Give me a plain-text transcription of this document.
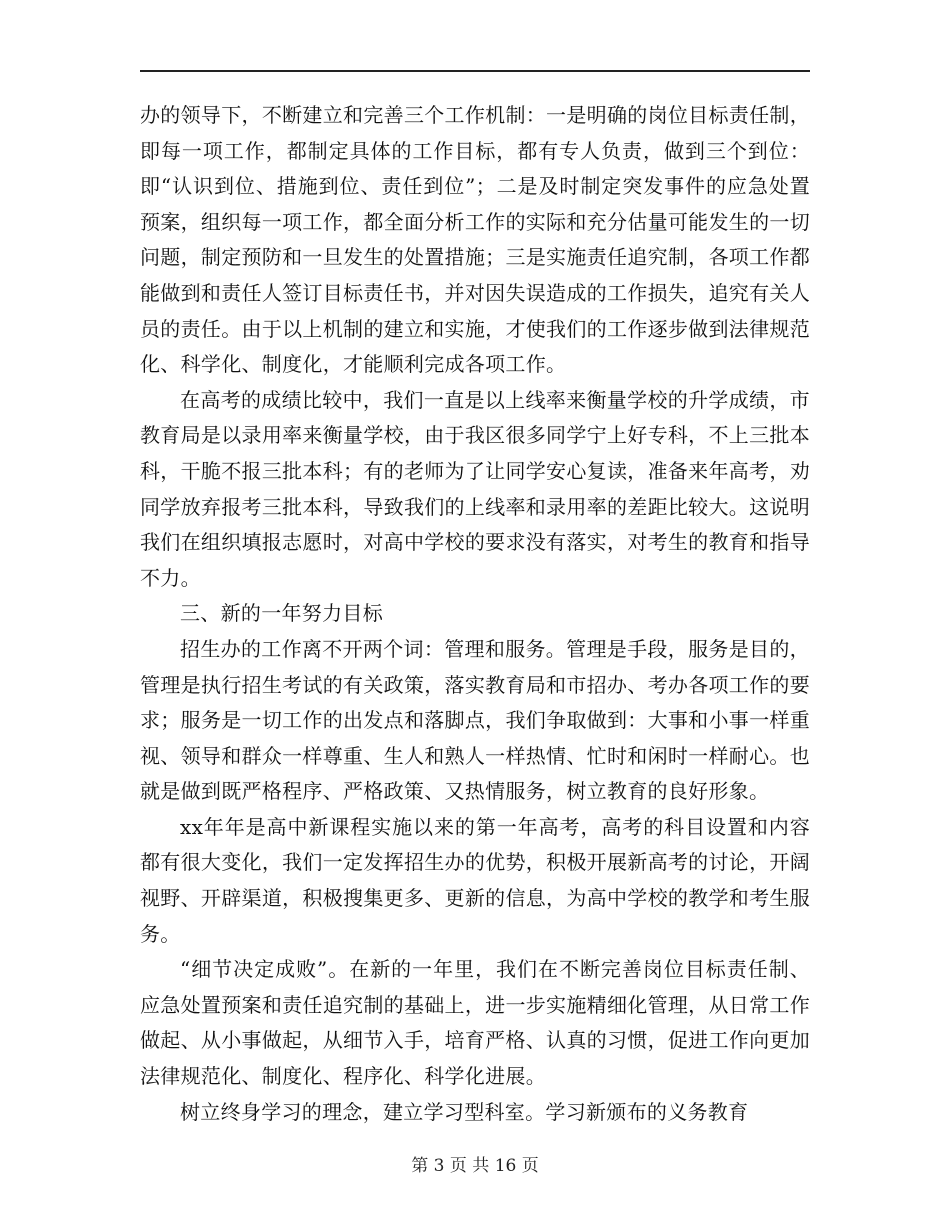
办的领导下，不断建立和完善三个工作机制：一是明确的岗位目标责任制，即每一项工作，都制定具体的工作目标，都有专人负责，做到三个到位：即“认识到位、措施到位、责任到位”；二是及时制定突发事件的应急处置预案，组织每一项工作，都全面分析工作的实际和充分估量可能发生的一切问题，制定预防和一旦发生的处置措施；三是实施责任追究制，各项工作都能做到和责任人签订目标责任书，并对因失误造成的工作损失，追究有关人员的责任。由于以上机制的建立和实施，才使我们的工作逐步做到法律规范化、科学化、制度化，才能顺利完成各项工作。

在高考的成绩比较中，我们一直是以上线率来衡量学校的升学成绩，市教育局是以录用率来衡量学校，由于我区很多同学宁上好专科，不上三批本科，干脆不报三批本科；有的老师为了让同学安心复读，准备来年高考，劝同学放弃报考三批本科，导致我们的上线率和录用率的差距比较大。这说明我们在组织填报志愿时，对高中学校的要求没有落实，对考生的教育和指导不力。

三、新的一年努力目标

招生办的工作离不开两个词：管理和服务。管理是手段，服务是目的，管理是执行招生考试的有关政策，落实教育局和市招办、考办各项工作的要求；服务是一切工作的出发点和落脚点，我们争取做到：大事和小事一样重视、领导和群众一样尊重、生人和熟人一样热情、忙时和闲时一样耐心。也就是做到既严格程序、严格政策、又热情服务，树立教育的良好形象。

xx年年是高中新课程实施以来的第一年高考，高考的科目设置和内容都有很大变化，我们一定发挥招生办的优势，积极开展新高考的讨论，开阔视野、开辟渠道，积极搜集更多、更新的信息，为高中学校的教学和考生服务。

“细节决定成败”。在新的一年里，我们在不断完善岗位目标责任制、应急处置预案和责任追究制的基础上，进一步实施精细化管理，从日常工作做起、从小事做起，从细节入手，培育严格、认真的习惯，促进工作向更加法律规范化、制度化、程序化、科学化进展。

树立终身学习的理念，建立学习型科室。学习新颁布的义务教育

第 3 页 共 16 页
